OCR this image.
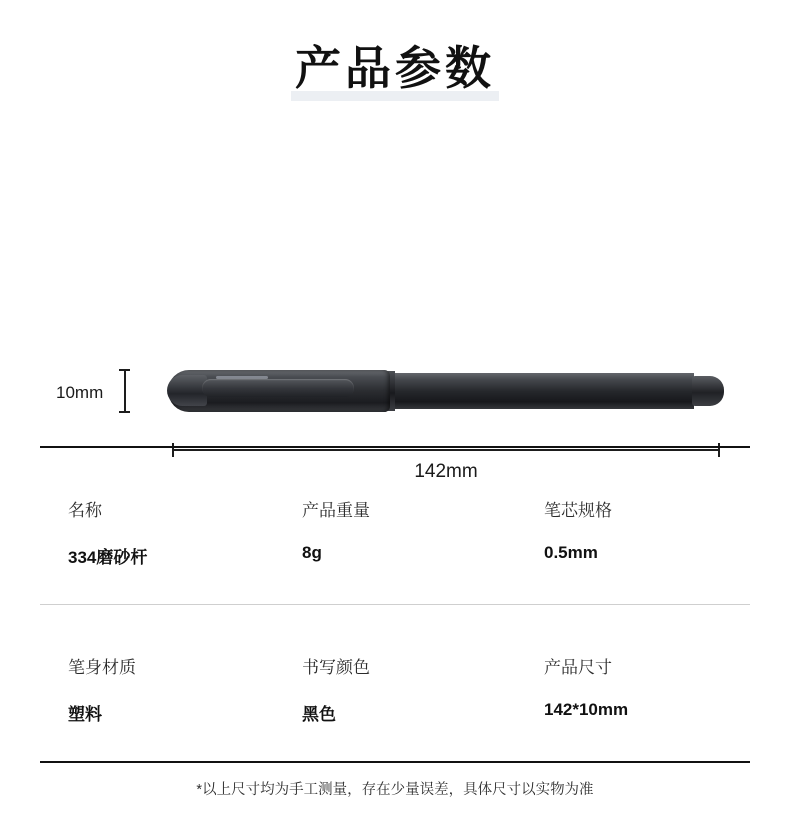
产品参数
10mm
142mm
名称
334磨砂杆
产品重量
8g
笔芯规格
0.5mm
笔身材质
塑料
书写颜色
黑色
产品尺寸
142*10mm
*以上尺寸均为手工测量，存在少量误差，具体尺寸以实物为准
